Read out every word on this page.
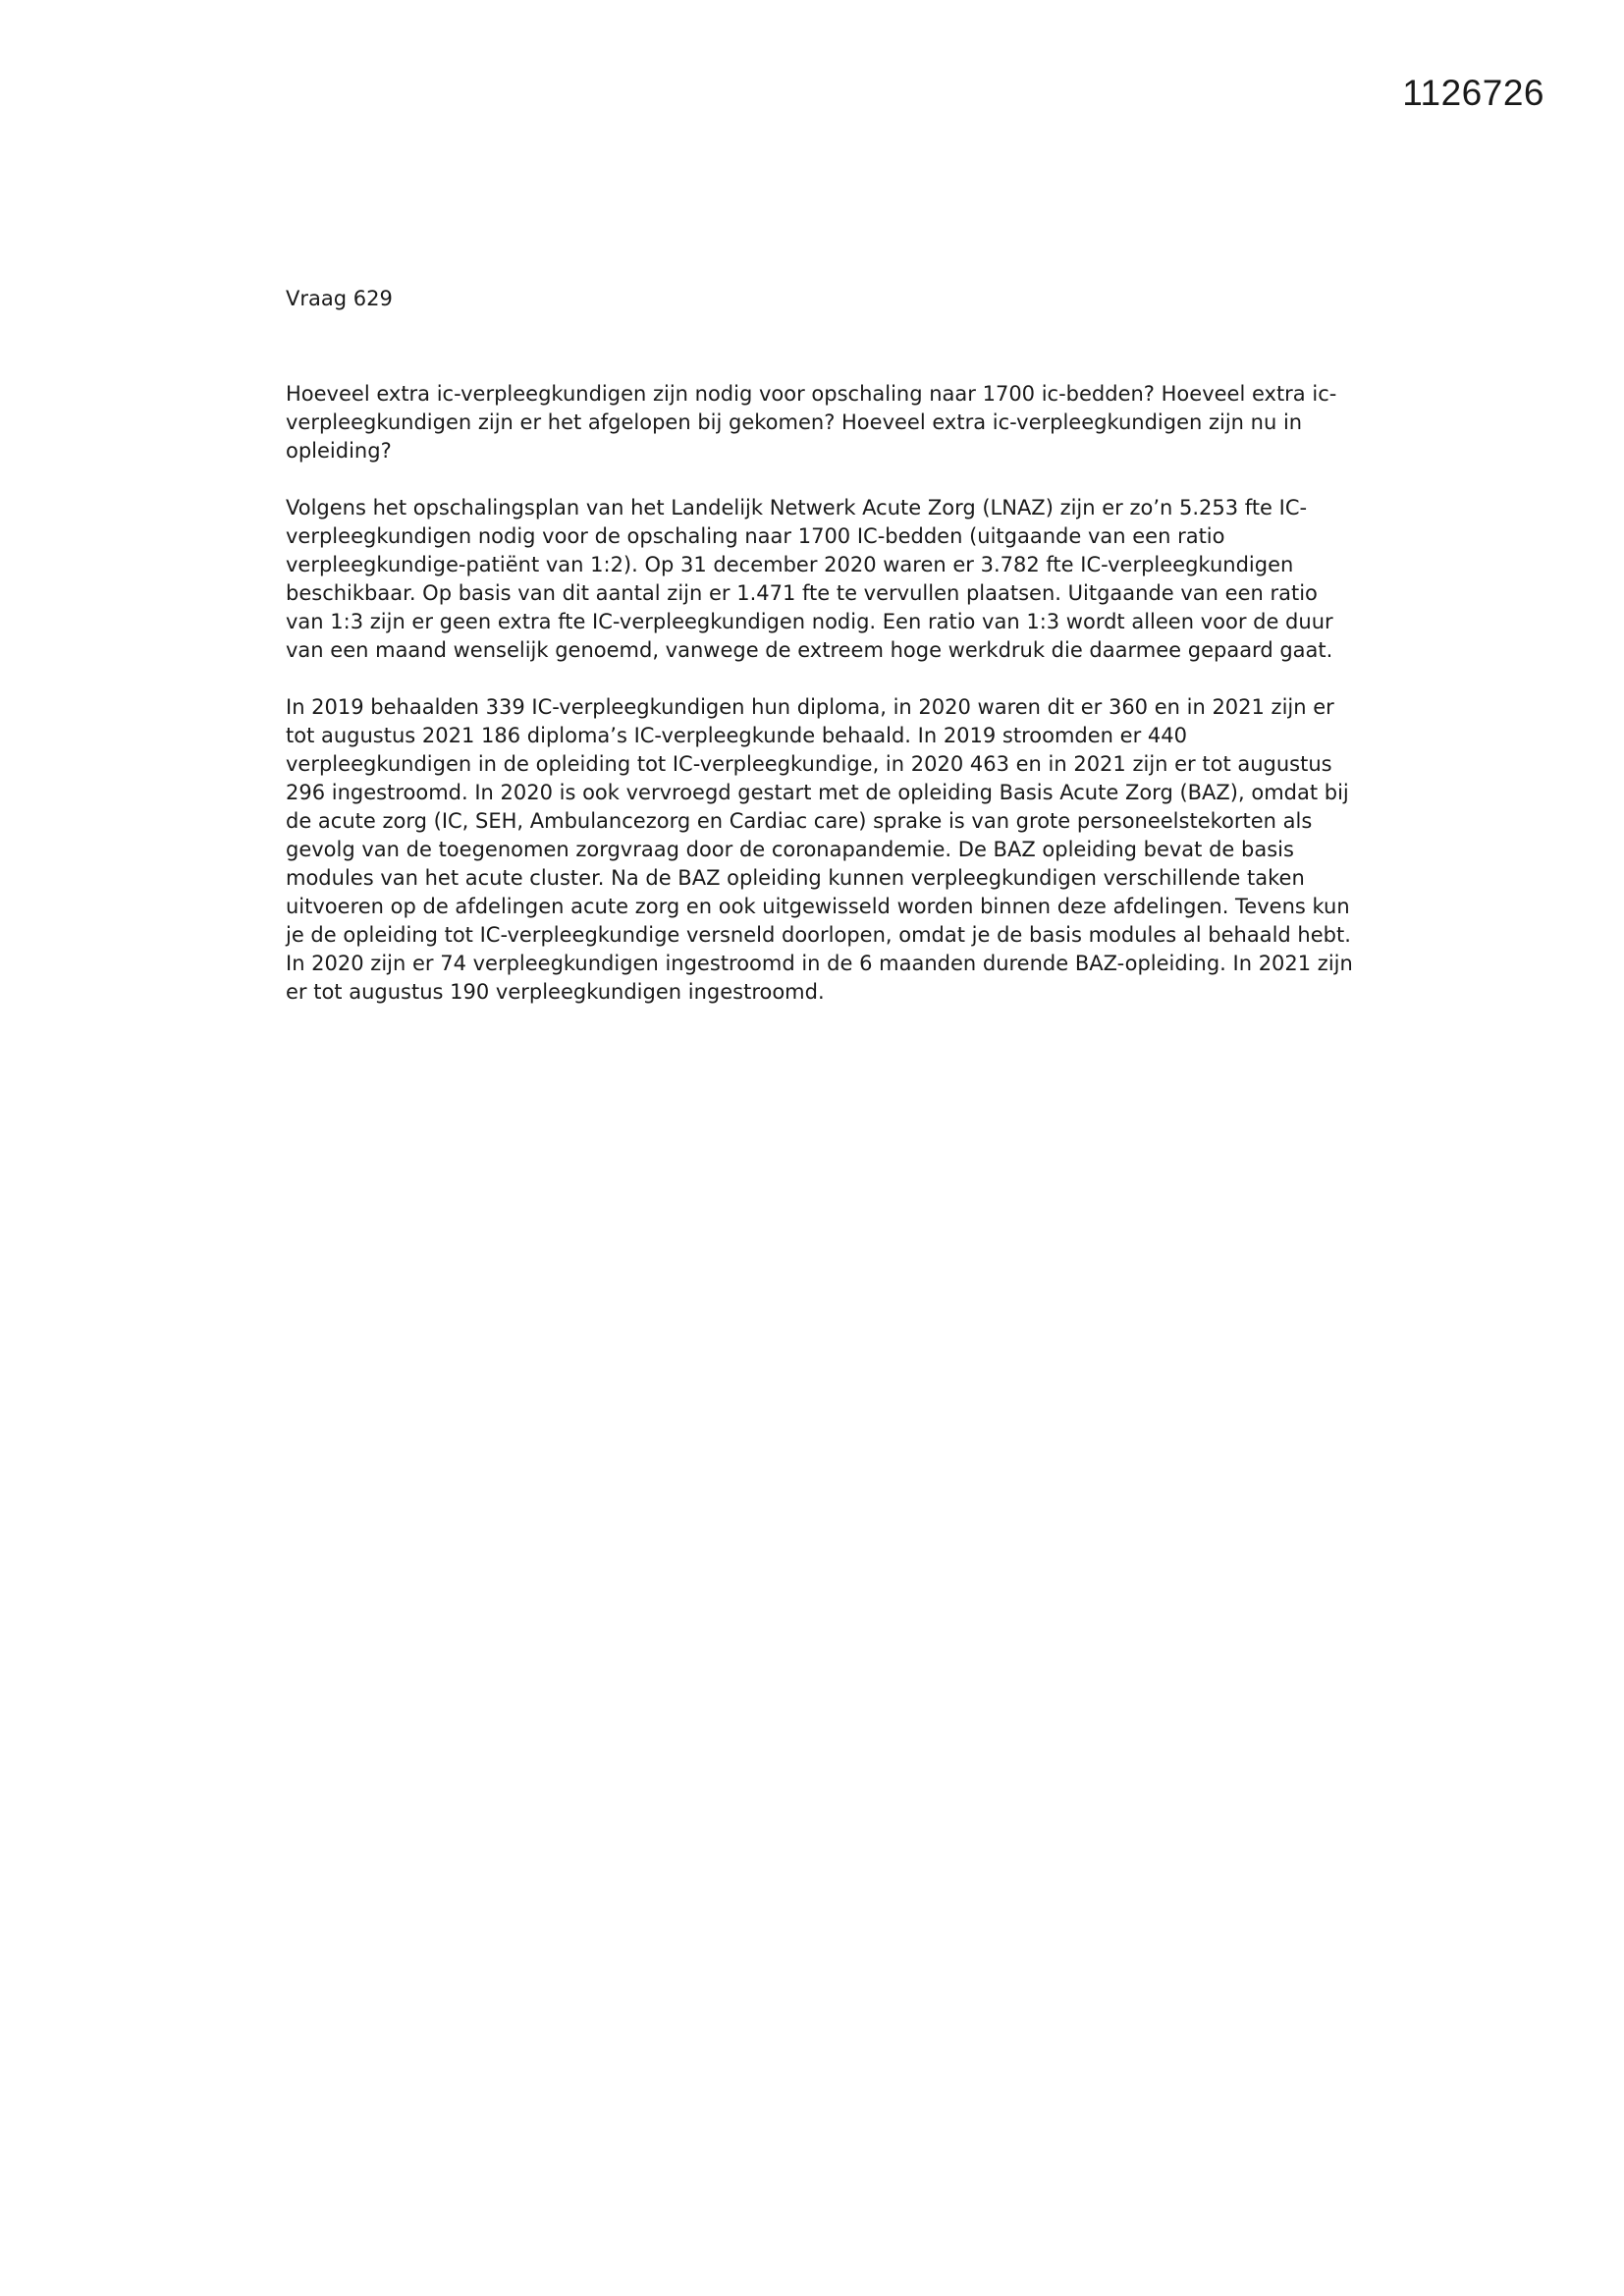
1126726
Vraag 629

Hoeveel extra ic-verpleegkundigen zijn nodig voor opschaling naar 1700 ic-bedden? Hoeveel extra ic-verpleegkundigen zijn er het afgelopen bij gekomen? Hoeveel extra ic-verpleegkundigen zijn nu in opleiding?

Volgens het opschalingsplan van het Landelijk Netwerk Acute Zorg (LNAZ) zijn er zo’n 5.253 fte IC-verpleegkundigen nodig voor de opschaling naar 1700 IC-bedden (uitgaande van een ratio verpleegkundige-patiënt van 1:2). Op 31 december 2020 waren er 3.782 fte IC-verpleegkundigen beschikbaar. Op basis van dit aantal zijn er 1.471 fte te vervullen plaatsen. Uitgaande van een ratio van 1:3 zijn er geen extra fte IC-verpleegkundigen nodig. Een ratio van 1:3 wordt alleen voor de duur van een maand wenselijk genoemd, vanwege de extreem hoge werkdruk die daarmee gepaard gaat.

In 2019 behaalden 339 IC-verpleegkundigen hun diploma, in 2020 waren dit er 360 en in 2021 zijn er tot augustus 2021 186 diploma’s IC-verpleegkunde behaald. In 2019 stroomden er 440 verpleegkundigen in de opleiding tot IC-verpleegkundige, in 2020 463 en in 2021 zijn er tot augustus 296 ingestroomd. In 2020 is ook vervroegd gestart met de opleiding Basis Acute Zorg (BAZ), omdat bij de acute zorg (IC, SEH, Ambulancezorg en Cardiac care) sprake is van grote personeelstekorten als gevolg van de toegenomen zorgvraag door de coronapandemie. De BAZ opleiding bevat de basis modules van het acute cluster. Na de BAZ opleiding kunnen verpleegkundigen verschillende taken uitvoeren op de afdelingen acute zorg en ook uitgewisseld worden binnen deze afdelingen. Tevens kun je de opleiding tot IC-verpleegkundige versneld doorlopen, omdat je de basis modules al behaald hebt. In 2020 zijn er 74 verpleegkundigen ingestroomd in de 6 maanden durende BAZ-opleiding. In 2021 zijn er tot augustus 190 verpleegkundigen ingestroomd.
